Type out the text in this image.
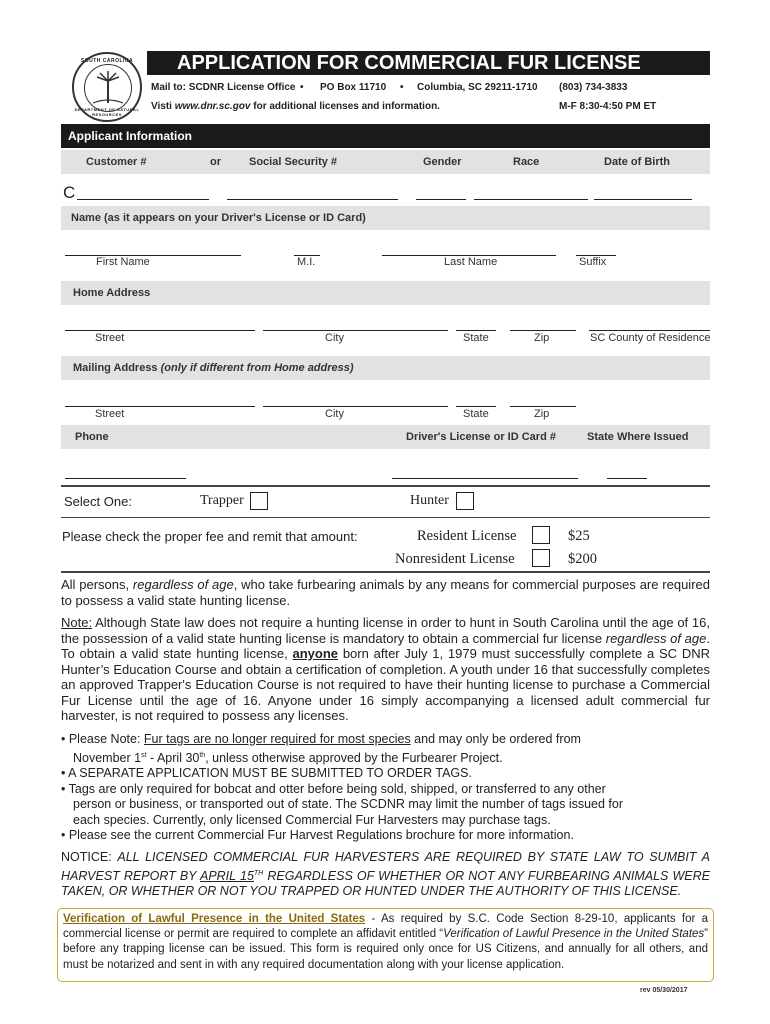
SOUTH CAROLINA
DEPARTMENT OF NATURAL RESOURCES
APPLICATION FOR COMMERCIAL FUR LICENSE
Mail to: SCDNR License Office • PO Box 11710 • Columbia, SC 29211-1710 (803) 734-3833
Visti www.dnr.sc.gov for additional licenses and information.	M-F 8:30-4:50 PM ET
Applicant Information
Customer #	or	Social Security #	Gender	Race	Date of Birth
C
Name (as it appears on your Driver's License or ID Card)
First Name	M.I.	Last Name	Suffix
Home Address
Street	City	State	Zip	SC County of Residence
Mailing Address (only if different from Home address)
Street	City	State	Zip
Phone	Driver's License or ID Card #	State Where Issued
Select One:	Trapper	Hunter
Please check the proper fee and remit that amount:	Resident License	$25
Nonresident License	$200

All persons, regardless of age, who take furbearing animals by any means for commercial purposes are required to possess a valid state hunting license.

Note: Although State law does not require a hunting license in order to hunt in South Carolina until the age of 16, the possession of a valid state hunting license is mandatory to obtain a commercial fur license regardless of age. To obtain a valid state hunting license, anyone born after July 1, 1979 must successfully complete a SC DNR Hunter’s Education Course and obtain a certification of completion. A youth under 16 that successfully completes an approved Trapper's Education Course is not required to have their hunting license to purchase a Commercial Fur License until the age of 16. Anyone under 16 simply accompanying a licensed adult commercial fur harvester, is not required to possess any licenses.

• Please Note: Fur tags are no longer required for most species and may only be ordered from
November 1st - April 30th, unless otherwise approved by the Furbearer Project.
• A SEPARATE APPLICATION MUST BE SUBMITTED TO ORDER TAGS.
• Tags are only required for bobcat and otter before being sold, shipped, or transferred to any other
person or business, or transported out of state. The SCDNR may limit the number of tags issued for
each species. Currently, only licensed Commercial Fur Harvesters may purchase tags.
• Please see the current Commercial Fur Harvest Regulations brochure for more information.

NOTICE: ALL LICENSED COMMERCIAL FUR HARVESTERS ARE REQUIRED BY STATE LAW TO SUMBIT A HARVEST REPORT BY APRIL 15TH REGARDLESS OF WHETHER OR NOT ANY FURBEARING ANIMALS WERE TAKEN, OR WHETHER OR NOT YOU TRAPPED OR HUNTED UNDER THE AUTHORITY OF THIS LICENSE.

Verification of Lawful Presence in the United States - As required by S.C. Code Section 8-29-10, applicants for a commercial license or permit are required to complete an affidavit entitled “Verification of Lawful Presence in the United States” before any trapping license can be issued. This form is required only once for US Citizens, and annually for all others, and must be notarized and sent in with any required documentation along with your license application.
rev 05/30/2017
